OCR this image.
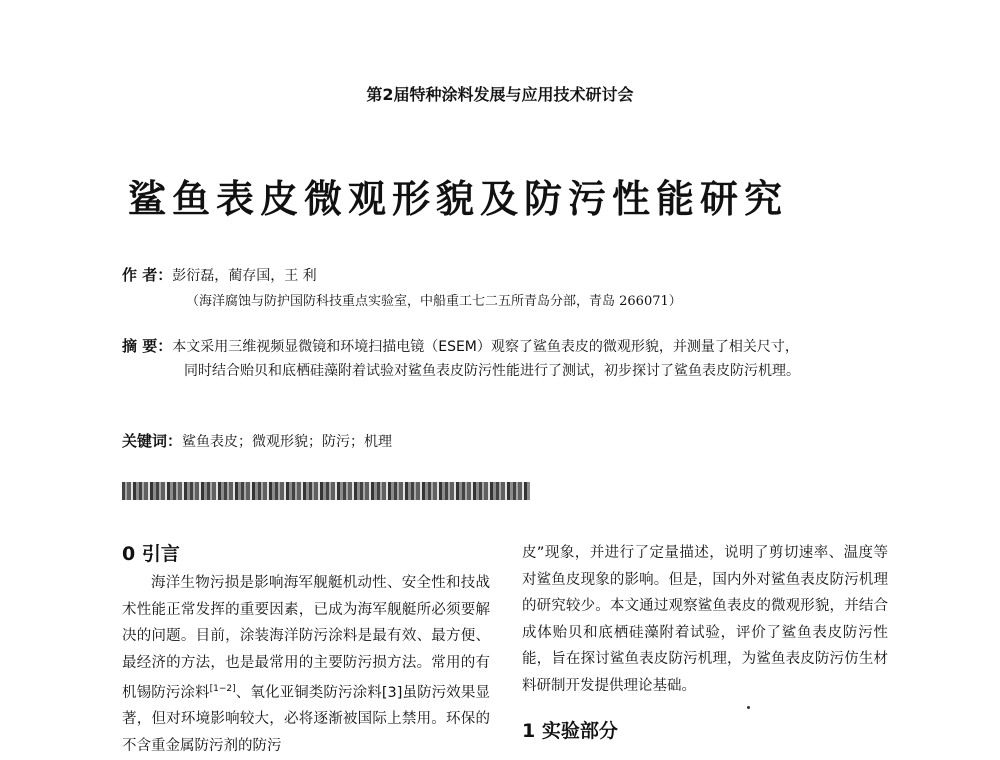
第2届特种涂料发展与应用技术研讨会
鲨鱼表皮微观形貌及防污性能研究
作 者：彭衍磊，蔺存国，王 利
（海洋腐蚀与防护国防科技重点实验室，中船重工七二五所青岛分部，青岛 266071）
摘 要：本文采用三维视频显微镜和环境扫描电镜（ESEM）观察了鲨鱼表皮的微观形貌，并测量了相关尺寸，同时结合贻贝和底栖硅藻附着试验对鲨鱼表皮防污性能进行了测试，初步探讨了鲨鱼表皮防污机理。
关键词：鲨鱼表皮；微观形貌；防污；机理
0 引言

海洋生物污损是影响海军舰艇机动性、安全性和技战术性能正常发挥的重要因素，已成为海军舰艇所必须要解决的问题。目前，涂装海洋防污涂料是最有效、最方便、最经济的方法，也是最常用的主要防污损方法。常用的有机锡防污涂料[1−2]、氧化亚铜类防污涂料[3]虽防污效果显著，但对环境影响较大，必将逐渐被国际上禁用。环保的不含重金属防污剂的防污

皮”现象，并进行了定量描述，说明了剪切速率、温度等对鲨鱼皮现象的影响。但是，国内外对鲨鱼表皮防污机理的研究较少。本文通过观察鲨鱼表皮的微观形貌，并结合成体贻贝和底栖硅藻附着试验，评价了鲨鱼表皮防污性能，旨在探讨鲨鱼表皮防污机理，为鲨鱼表皮防污仿生材料研制开发提供理论基础。

1 实验部分
